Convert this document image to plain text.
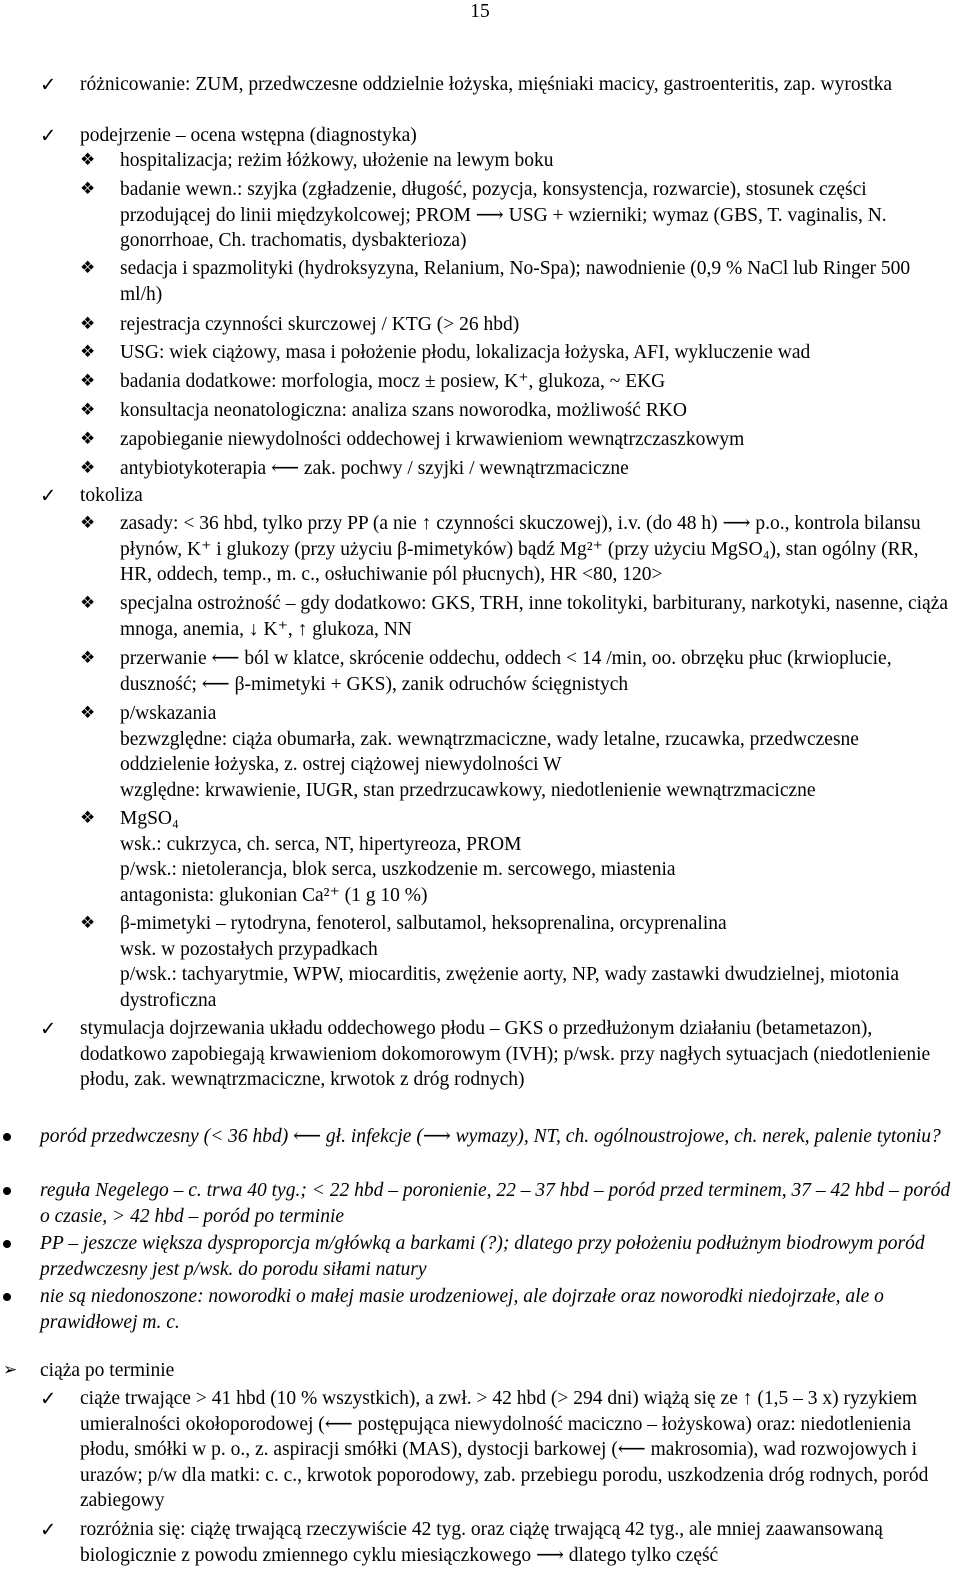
15
✓ różnicowanie: ZUM, przedwczesne oddzielnie łożyska, mięśniaki macicy, gastroenteritis, zap. wyrostka
✓ podejrzenie – ocena wstępna (diagnostyka)
❖ hospitalizacja; reżim łóżkowy, ułożenie na lewym boku
❖ badanie wewn.: szyjka (zgładzenie, długość, pozycja, konsystencja, rozwarcie), stosunek części przodującej do linii międzykolcowej; PROM ⟶ USG + wzierniki; wymaz (GBS, T. vaginalis, N. gonorrhoae, Ch. trachomatis, dysbakterioza)
❖ sedacja i spazmolityki (hydroksyzyna, Relanium, No-Spa); nawodnienie (0,9 % NaCl lub Ringer 500 ml/h)
❖ rejestracja czynności skurczowej / KTG (> 26 hbd)
❖ USG: wiek ciążowy, masa i położenie płodu, lokalizacja łożyska, AFI, wykluczenie wad
❖ badania dodatkowe: morfologia, mocz ± posiew, K⁺, glukoza, ~ EKG
❖ konsultacja neonatologiczna: analiza szans noworodka, możliwość RKO
❖ zapobieganie niewydolności oddechowej i krwawieniom wewnątrzczaszkowym
❖ antybiotykoterapia ⟵ zak. pochwy / szyjki / wewnątrzmaciczne
✓ tokoliza
❖ zasady: < 36 hbd, tylko przy PP (a nie ↑ czynności skuczowej), i.v. (do 48 h) ⟶ p.o., kontrola bilansu płynów, K⁺ i glukozy (przy użyciu β-mimetyków) bądź Mg²⁺ (przy użyciu MgSO₄), stan ogólny (RR, HR, oddech, temp., m. c., osłuchiwanie pól płucnych), HR <80, 120>
❖ specjalna ostrożność – gdy dodatkowo: GKS, TRH, inne tokolityki, barbiturany, narkotyki, nasenne, ciąża mnoga, anemia, ↓ K⁺, ↑ glukoza, NN
❖ przerwanie ⟵ ból w klatce, skrócenie oddechu, oddech < 14 /min, oo. obrzęku płuc (krwioplucie, duszność; ⟵ β-mimetyki + GKS), zanik odruchów ścięgnistych
❖ p/wskazania
bezwzględne: ciąża obumarła, zak. wewnątrzmaciczne, wady letalne, rzucawka, przedwczesne oddzielenie łożyska, z. ostrej ciążowej niewydolności W
względne: krwawienie, IUGR, stan przedrzucawkowy, niedotlenienie wewnątrzmaciczne
❖ MgSO₄
wsk.: cukrzyca, ch. serca, NT, hipertyreoza, PROM
p/wsk.: nietolerancja, blok serca, uszkodzenie m. sercowego, miastenia
antagonista: glukonian Ca²⁺ (1 g 10 %)
❖ β-mimetyki – rytodryna, fenoterol, salbutamol, heksoprenalina, orcyprenalina
wsk. w pozostałych przypadkach
p/wsk.: tachyarytmie, WPW, miocarditis, zwężenie aorty, NP, wady zastawki dwudzielnej, miotonia dystroficzna
✓ stymulacja dojrzewania układu oddechowego płodu – GKS o przedłużonym działaniu (betametazon), dodatkowo zapobiegają krwawieniom dokomorowym (IVH); p/wsk. przy nagłych sytuacjach (niedotlenienie płodu, zak. wewnątrzmaciczne, krwotok z dróg rodnych)
poród przedwczesny (< 36 hbd) ⟵ gł. infekcje (⟶ wymazy), NT, ch. ogólnoustrojowe, ch. nerek, palenie tytoniu?
reguła Negelego – c. trwa 40 tyg.; < 22 hbd – poronienie, 22 – 37 hbd – poród przed terminem, 37 – 42 hbd – poród o czasie, > 42 hbd – poród po terminie
PP – jeszcze większa dysproporcja m/główką a barkami (?); dlatego przy położeniu podłużnym biodrowym poród przedwczesny jest p/wsk. do porodu siłami natury
nie są niedonoszone: noworodki o małej masie urodzeniowej, ale dojrzałe oraz noworodki niedojrzałe, ale o prawidłowej m. c.
➢ ciąża po terminie
✓ ciąże trwające > 41 hbd (10 % wszystkich), a zwł. > 42 hbd (> 294 dni) wiążą się ze ↑ (1,5 – 3 x) ryzykiem umieralności okołoporodowej (⟵ postępująca niewydolność maciczno – łożyskowa) oraz: niedotlenienia płodu, smółki w p. o., z. aspiracji smółki (MAS), dystocji barkowej (⟵ makrosomia), wad rozwojowych i urazów; p/w dla matki: c. c., krwotok poporodowy, zab. przebiegu porodu, uszkodzenia dróg rodnych, poród zabiegowy
✓ rozróżnia się: ciążę trwającą rzeczywiście 42 tyg. oraz ciążę trwającą 42 tyg., ale mniej zaawansowaną biologicznie z powodu zmiennego cyklu miesiączkowego ⟶ dlatego tylko część
